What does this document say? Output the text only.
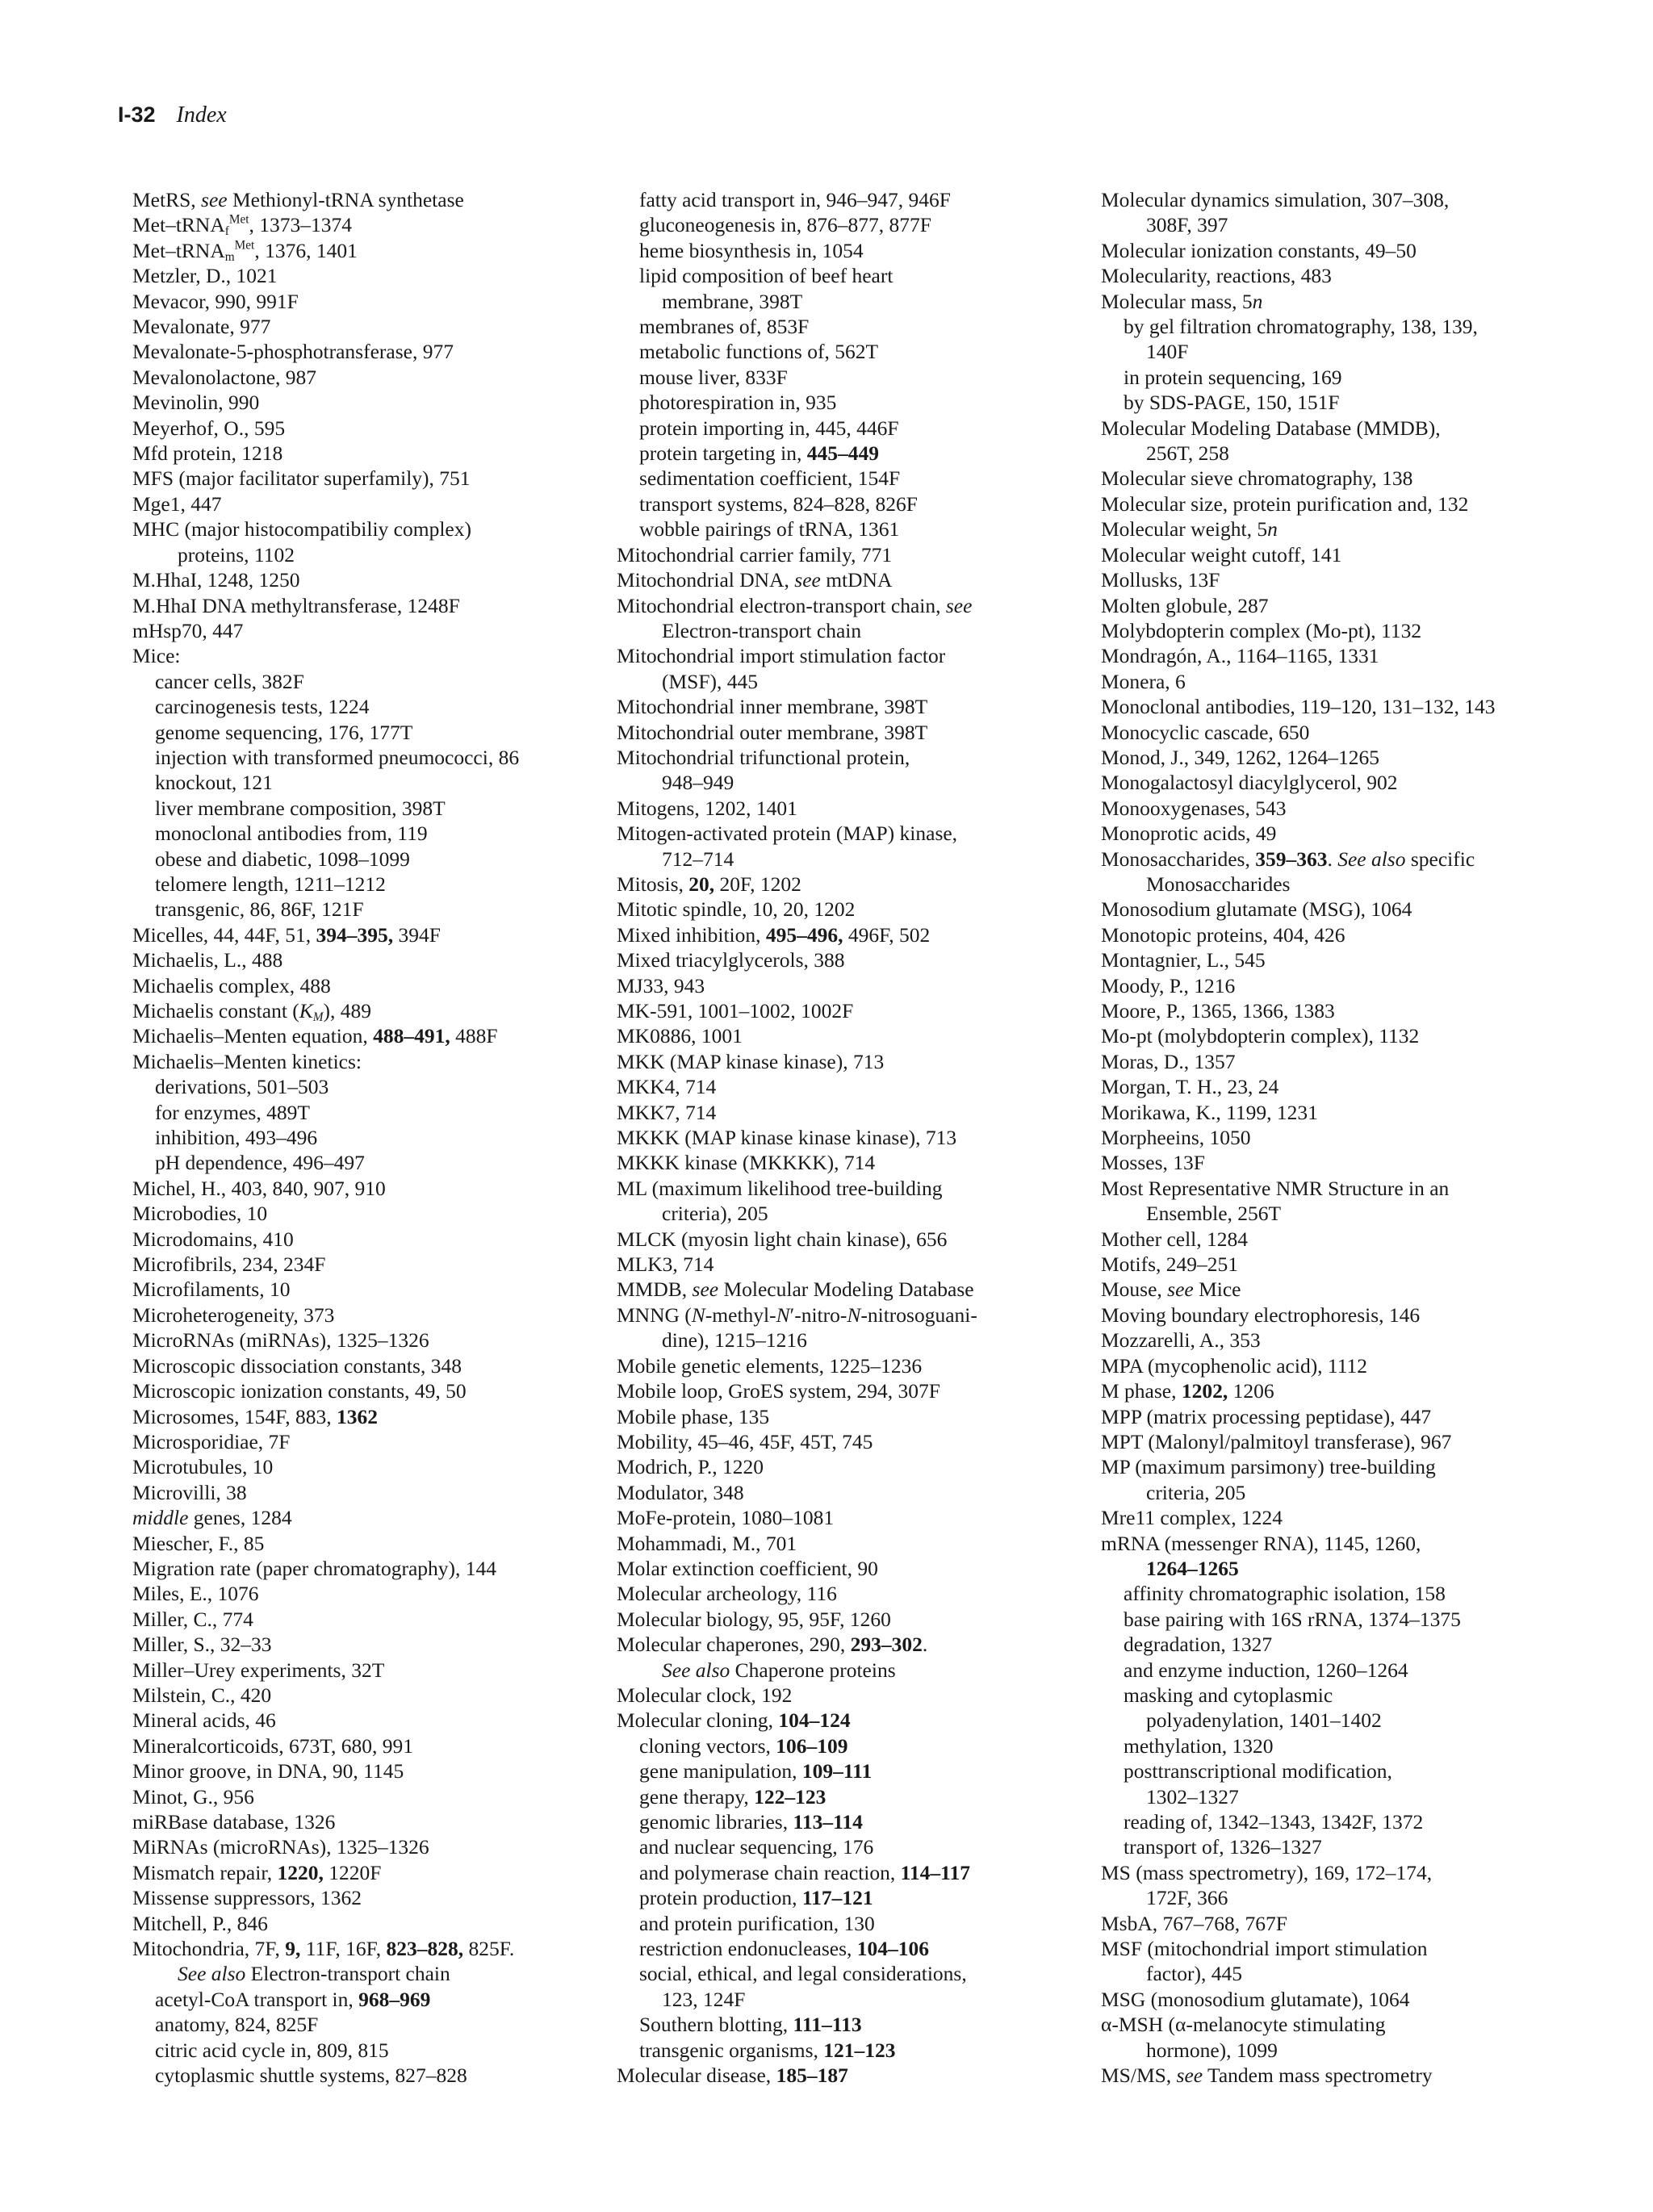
I-32 Index
MetRS, see Methionyl-tRNA synthetase
Met–tRNA$_f^{Met}$, 1373–1374
Met–tRNA$_m^{Met}$, 1376, 1401
Metzler, D., 1021
Mevacor, 990, 991F
Mevalonate, 977
Mevalonate-5-phosphotransferase, 977
Mevalonolactone, 987
Mevinolin, 990
Meyerhof, O., 595
Mfd protein, 1218
MFS (major facilitator superfamily), 751
Mge1, 447
MHC (major histocompatibiliy complex)
proteins, 1102
M.HhaI, 1248, 1250
M.HhaI DNA methyltransferase, 1248F
mHsp70, 447
Mice:
cancer cells, 382F
carcinogenesis tests, 1224
genome sequencing, 176, 177T
injection with transformed pneumococci, 86
knockout, 121
liver membrane composition, 398T
monoclonal antibodies from, 119
obese and diabetic, 1098–1099
telomere length, 1211–1212
transgenic, 86, 86F, 121F
Micelles, 44, 44F, 51, 394–395, 394F
Michaelis, L., 488
Michaelis complex, 488
Michaelis constant $(K_M)$, 489
Michaelis–Menten equation, 488–491, 488F
Michaelis–Menten kinetics:
derivations, 501–503
for enzymes, 489T
inhibition, 493–496
pH dependence, 496–497
Michel, H., 403, 840, 907, 910
Microbodies, 10
Microdomains, 410
Microfibrils, 234, 234F
Microfilaments, 10
Microheterogeneity, 373
MicroRNAs (miRNAs), 1325–1326
Microscopic dissociation constants, 348
Microscopic ionization constants, 49, 50
Microsomes, 154F, 883, 1362
Microsporidiae, 7F
Microtubules, 10
Microvilli, 38
middle genes, 1284
Miescher, F., 85
Migration rate (paper chromatography), 144
Miles, E., 1076
Miller, C., 774
Miller, S., 32–33
Miller–Urey experiments, 32T
Milstein, C., 420
Mineral acids, 46
Mineralcorticoids, 673T, 680, 991
Minor groove, in DNA, 90, 1145
Minot, G., 956
miRBase database, 1326
MiRNAs (microRNAs), 1325–1326
Mismatch repair, 1220, 1220F
Missense suppressors, 1362
Mitchell, P., 846
Mitochondria, 7F, 9, 11F, 16F, 823–828, 825F.
See also Electron-transport chain
acetyl-CoA transport in, 968–969
anatomy, 824, 825F
citric acid cycle in, 809, 815
cytoplasmic shuttle systems, 827–828
fatty acid transport in, 946–947, 946F
gluconeogenesis in, 876–877, 877F
heme biosynthesis in, 1054
lipid composition of beef heart
membrane, 398T
membranes of, 853F
metabolic functions of, 562T
mouse liver, 833F
photorespiration in, 935
protein importing in, 445, 446F
protein targeting in, 445–449
sedimentation coefficient, 154F
transport systems, 824–828, 826F
wobble pairings of tRNA, 1361
Mitochondrial carrier family, 771
Mitochondrial DNA, see mtDNA
Mitochondrial electron-transport chain, see
Electron-transport chain
Mitochondrial import stimulation factor
(MSF), 445
Mitochondrial inner membrane, 398T
Mitochondrial outer membrane, 398T
Mitochondrial trifunctional protein,
948–949
Mitogens, 1202, 1401
Mitogen-activated protein (MAP) kinase,
712–714
Mitosis, 20, 20F, 1202
Mitotic spindle, 10, 20, 1202
Mixed inhibition, 495–496, 496F, 502
Mixed triacylglycerols, 388
MJ33, 943
MK-591, 1001–1002, 1002F
MK0886, 1001
MKK (MAP kinase kinase), 713
MKK4, 714
MKK7, 714
MKKK (MAP kinase kinase kinase), 713
MKKK kinase (MKKKK), 714
ML (maximum likelihood tree-building
criteria), 205
MLCK (myosin light chain kinase), 656
MLK3, 714
MMDB, see Molecular Modeling Database
MNNG (N-methyl-N′-nitro-N-nitrosoguani-
dine), 1215–1216
Mobile genetic elements, 1225–1236
Mobile loop, GroES system, 294, 307F
Mobile phase, 135
Mobility, 45–46, 45F, 45T, 745
Modrich, P., 1220
Modulator, 348
MoFe-protein, 1080–1081
Mohammadi, M., 701
Molar extinction coefficient, 90
Molecular archeology, 116
Molecular biology, 95, 95F, 1260
Molecular chaperones, 290, 293–302.
See also Chaperone proteins
Molecular clock, 192
Molecular cloning, 104–124
cloning vectors, 106–109
gene manipulation, 109–111
gene therapy, 122–123
genomic libraries, 113–114
and nuclear sequencing, 176
and polymerase chain reaction, 114–117
protein production, 117–121
and protein purification, 130
restriction endonucleases, 104–106
social, ethical, and legal considerations,
123, 124F
Southern blotting, 111–113
transgenic organisms, 121–123
Molecular disease, 185–187
Molecular dynamics simulation, 307–308,
308F, 397
Molecular ionization constants, 49–50
Molecularity, reactions, 483
Molecular mass, 5n
by gel filtration chromatography, 138, 139,
140F
in protein sequencing, 169
by SDS-PAGE, 150, 151F
Molecular Modeling Database (MMDB),
256T, 258
Molecular sieve chromatography, 138
Molecular size, protein purification and, 132
Molecular weight, 5n
Molecular weight cutoff, 141
Mollusks, 13F
Molten globule, 287
Molybdopterin complex (Mo-pt), 1132
Mondragón, A., 1164–1165, 1331
Monera, 6
Monoclonal antibodies, 119–120, 131–132, 143
Monocyclic cascade, 650
Monod, J., 349, 1262, 1264–1265
Monogalactosyl diacylglycerol, 902
Monooxygenases, 543
Monoprotic acids, 49
Monosaccharides, 359–363. See also specific
Monosaccharides
Monosodium glutamate (MSG), 1064
Monotopic proteins, 404, 426
Montagnier, L., 545
Moody, P., 1216
Moore, P., 1365, 1366, 1383
Mo-pt (molybdopterin complex), 1132
Moras, D., 1357
Morgan, T. H., 23, 24
Morikawa, K., 1199, 1231
Morpheeins, 1050
Mosses, 13F
Most Representative NMR Structure in an
Ensemble, 256T
Mother cell, 1284
Motifs, 249–251
Mouse, see Mice
Moving boundary electrophoresis, 146
Mozzarelli, A., 353
MPA (mycophenolic acid), 1112
M phase, 1202, 1206
MPP (matrix processing peptidase), 447
MPT (Malonyl/palmitoyl transferase), 967
MP (maximum parsimony) tree-building
criteria, 205
Mre11 complex, 1224
mRNA (messenger RNA), 1145, 1260,
1264–1265
affinity chromatographic isolation, 158
base pairing with 16S rRNA, 1374–1375
degradation, 1327
and enzyme induction, 1260–1264
masking and cytoplasmic
polyadenylation, 1401–1402
methylation, 1320
posttranscriptional modification,
1302–1327
reading of, 1342–1343, 1342F, 1372
transport of, 1326–1327
MS (mass spectrometry), 169, 172–174,
172F, 366
MsbA, 767–768, 767F
MSF (mitochondrial import stimulation
factor), 445
MSG (monosodium glutamate), 1064
α-MSH (α-melanocyte stimulating
hormone), 1099
MS/MS, see Tandem mass spectrometry
